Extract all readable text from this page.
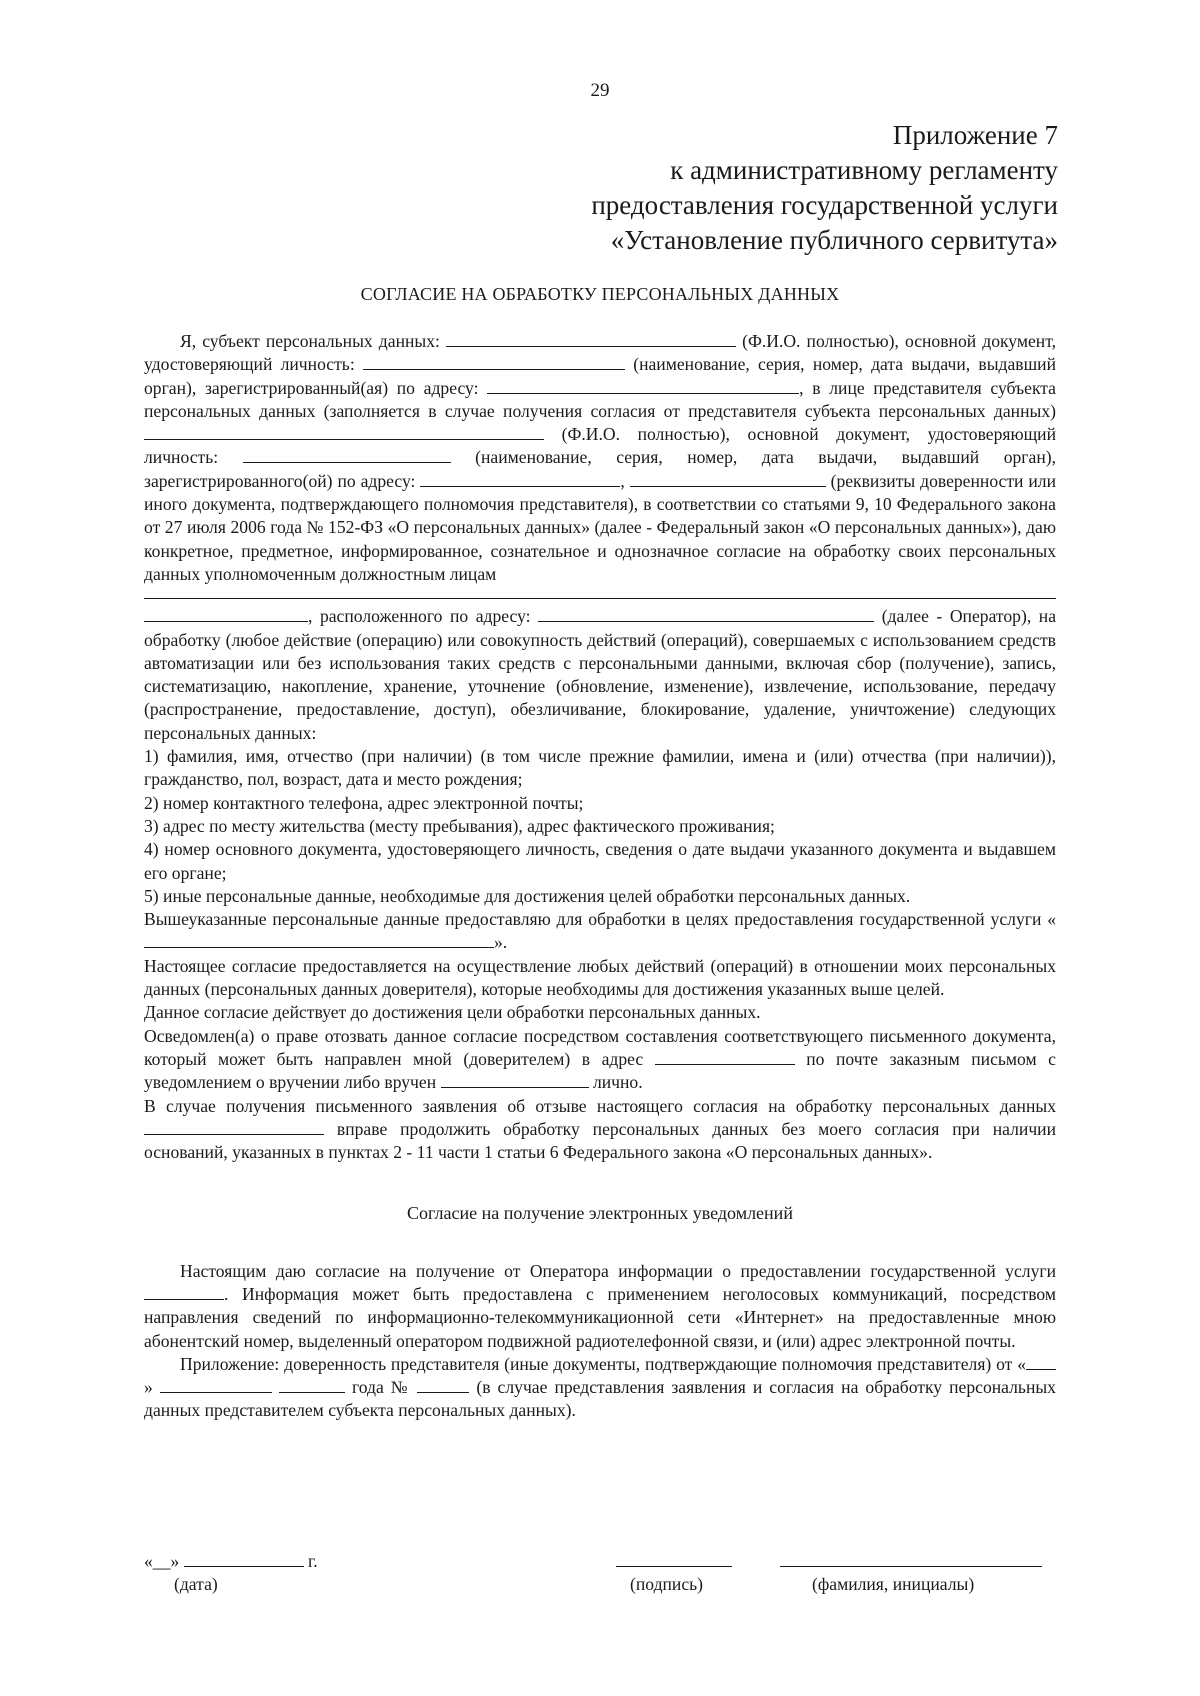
29
Приложение 7
к административному регламенту
предоставления государственной услуги
«Установление публичного сервитута»
СОГЛАСИЕ НА ОБРАБОТКУ ПЕРСОНАЛЬНЫХ ДАННЫХ

Я, субъект персональных данных:	(Ф.И.О. полностью), основной документ, удостоверяющий личность:	(наименование, серия, номер, дата выдачи, выдавший орган), зарегистрированный(ая) по адресу:	, в лице представителя субъекта персональных данных (заполняется в случае получения согласия от представителя субъекта персональных данных)  (Ф.И.О. полностью), основной документ, удостоверяющий личность:	(наименование, серия, номер, дата выдачи, выдавший орган), зарегистрированного(ой) по адресу:	,	(реквизиты доверенности или иного документа, подтверждающего полномочия представителя), в соответствии со статьями 9, 10 Федерального закона от 27 июля 2006 года № 152-ФЗ «О персональных данных» (далее - Федеральный закон «О персональных данных»), даю конкретное, предметное, информированное, сознательное и однозначное согласие на обработку своих персональных данных уполномоченным должностным лицам

, расположенного по адресу:	(далее - Оператор), на обработку (любое действие (операцию) или совокупность действий (операций), совершаемых с использованием средств автоматизации или без использования таких средств с персональными данными, включая сбор (получение), запись, систематизацию, накопление, хранение, уточнение (обновление, изменение), извлечение, использование, передачу (распространение, предоставление, доступ), обезличивание, блокирование, удаление, уничтожение) следующих персональных данных:

1) фамилия, имя, отчество (при наличии) (в том числе прежние фамилии, имена и (или) отчества (при наличии)), гражданство, пол, возраст, дата и место рождения;

2) номер контактного телефона, адрес электронной почты;

3) адрес по месту жительства (месту пребывания), адрес фактического проживания;

4) номер основного документа, удостоверяющего личность, сведения о дате выдачи указанного документа и выдавшем его органе;

5) иные персональные данные, необходимые для достижения целей обработки персональных данных.

Вышеуказанные персональные данные предоставляю для обработки в целях предоставления государственной услуги «».

Настоящее согласие предоставляется на осуществление любых действий (операций) в отношении моих персональных данных (персональных данных доверителя), которые необходимы для достижения указанных выше целей.

Данное согласие действует до достижения цели обработки персональных данных.

Осведомлен(а) о праве отозвать данное согласие посредством составления соответствующего письменного документа, который может быть направлен мной (доверителем) в адрес	по почте заказным письмом с уведомлением о вручении либо вручен	лично.

В случае получения письменного заявления об отзыве настоящего согласия на обработку персональных данных  вправе продолжить обработку персональных данных без моего согласия при наличии оснований, указанных в пунктах 2 - 11 части 1 статьи 6 Федерального закона «О персональных данных».

Согласие на получение электронных уведомлений

Настоящим даю согласие на получение от Оператора информации о предоставлении государственной услуги . Информация может быть предоставлена с применением неголосовых коммуникаций, посредством направления сведений по информационно-телекоммуникационной сети «Интернет» на предоставленные мною абонентский номер, выделенный оператором подвижной радиотелефонной связи, и (или) адрес электронной почты.

Приложение: доверенность представителя (иные документы, подтверждающие полномочия представителя) от «»	года №	(в случае представления заявления и согласия на обработку персональных данных представителем субъекта персональных данных).

«__»	г.
(дата)	(подпись)	(фамилия, инициалы)
